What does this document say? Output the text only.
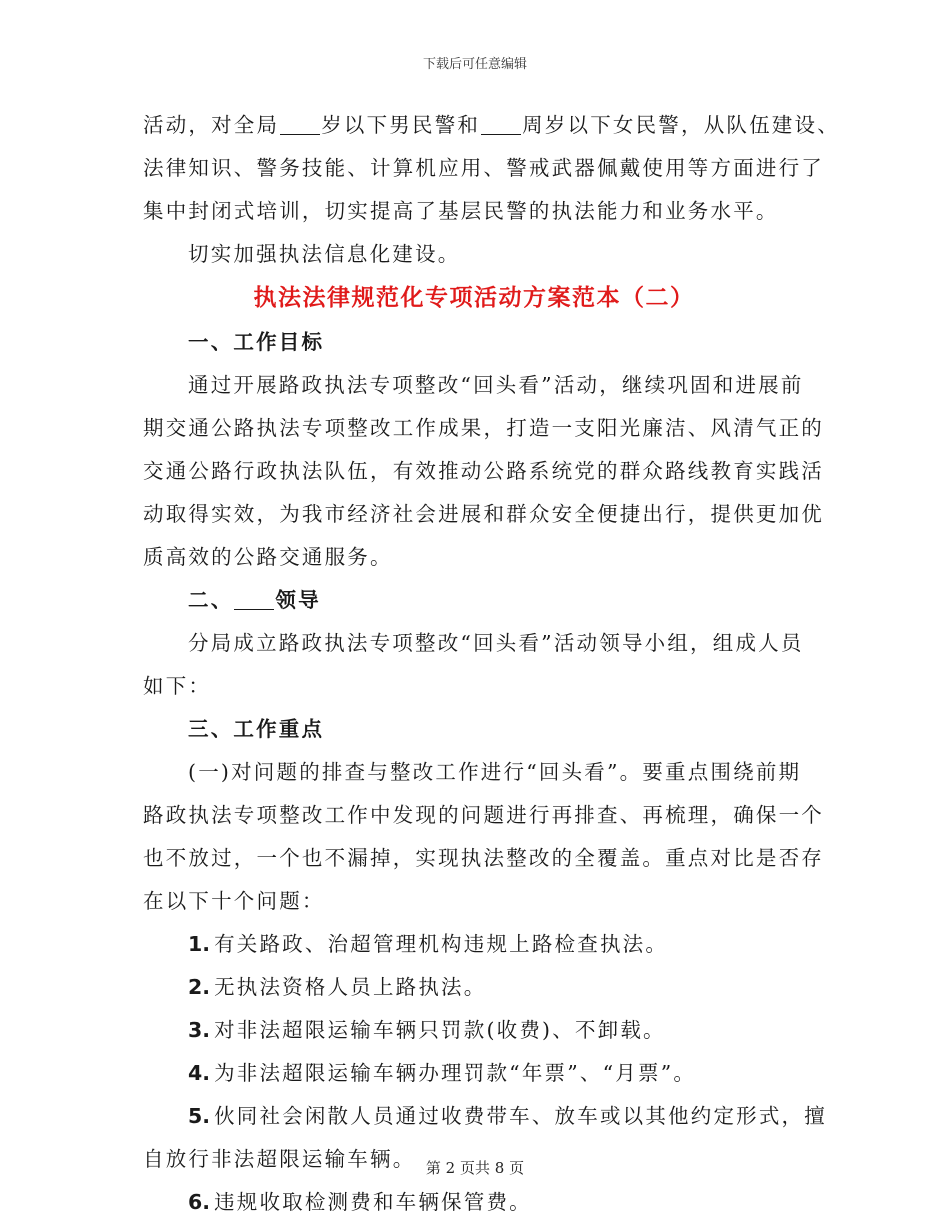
下载后可任意编辑

活动，对全局 岁以下男民警和 周岁以下女民警，从队伍建设、

法律知识、警务技能、计算机应用、警戒武器佩戴使用等方面进行了

集中封闭式培训，切实提高了基层民警的执法能力和业务水平。

切实加强执法信息化建设。

执法法律规范化专项活动方案范本（二）

一、工作目标

通过开展路政执法专项整改“回头看”活动，继续巩固和进展前

期交通公路执法专项整改工作成果，打造一支阳光廉洁、风清气正的

交通公路行政执法队伍，有效推动公路系统党的群众路线教育实践活

动取得实效，为我市经济社会进展和群众安全便捷出行，提供更加优

质高效的公路交通服务。

二、 领导

分局成立路政执法专项整改“回头看”活动领导小组，组成人员

如下：

三、工作重点

(一)对问题的排查与整改工作进行“回头看”。要重点围绕前期

路政执法专项整改工作中发现的问题进行再排查、再梳理，确保一个

也不放过，一个也不漏掉，实现执法整改的全覆盖。重点对比是否存

在以下十个问题：

1. 有关路政、治超管理机构违规上路检查执法。

2. 无执法资格人员上路执法。

3. 对非法超限运输车辆只罚款(收费)、不卸载。

4. 为非法超限运输车辆办理罚款“年票”、“月票”。

5. 伙同社会闲散人员通过收费带车、放车或以其他约定形式，擅

自放行非法超限运输车辆。

6. 违规收取检测费和车辆保管费。

第 2 页共 8 页
